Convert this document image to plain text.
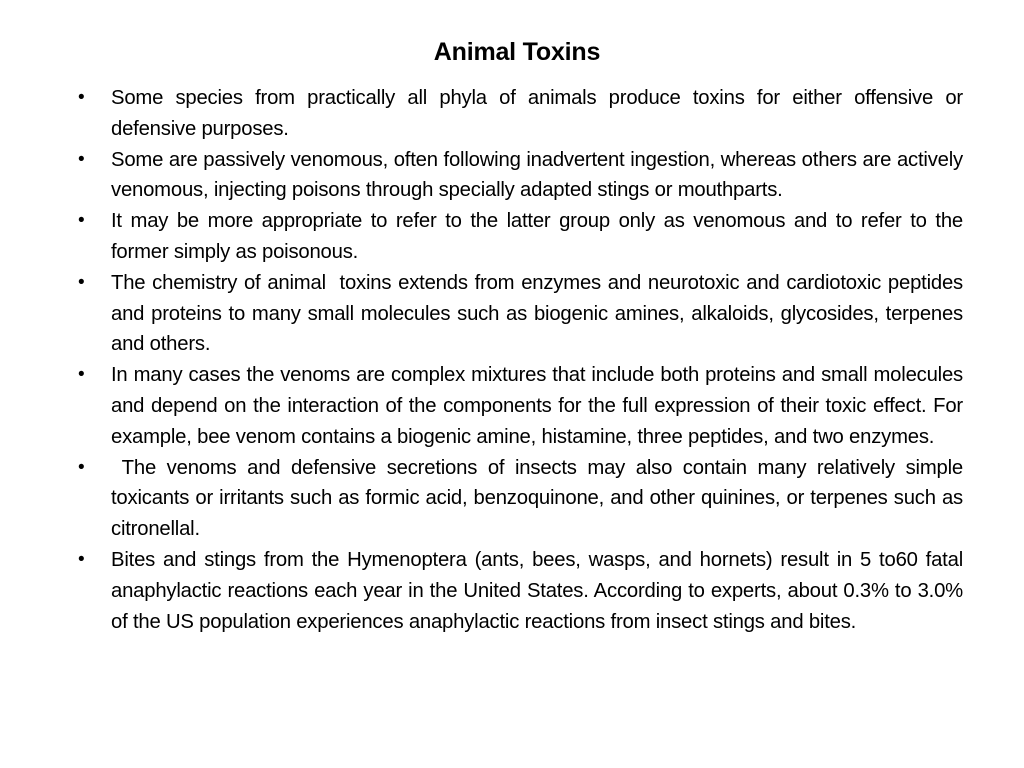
Animal Toxins
• Some species from practically all phyla of animals produce toxins for either offensive or defensive purposes.
• Some are passively venomous, often following inadvertent ingestion, whereas others are actively venomous, injecting poisons through specially adapted stings or mouthparts.
• It may be more appropriate to refer to the latter group only as venomous and to refer to the former simply as poisonous.
• The chemistry of animal  toxins extends from enzymes and neurotoxic and cardiotoxic peptides and proteins to many small molecules such as biogenic amines, alkaloids, glycosides, terpenes and others.
• In many cases the venoms are complex mixtures that include both proteins and small molecules and depend on the interaction of the components for the full expression of their toxic effect. For example, bee venom contains a biogenic amine, histamine, three peptides, and two enzymes.
• The venoms and defensive secretions of insects may also contain many relatively simple toxicants or irritants such as formic acid, benzoquinone, and other quinines, or terpenes such as citronellal.
• Bites and stings from the Hymenoptera (ants, bees, wasps, and hornets) result in 5 to60 fatal anaphylactic reactions each year in the United States. According to experts, about 0.3% to 3.0% of the US population experiences anaphylactic reactions from insect stings and bites.
